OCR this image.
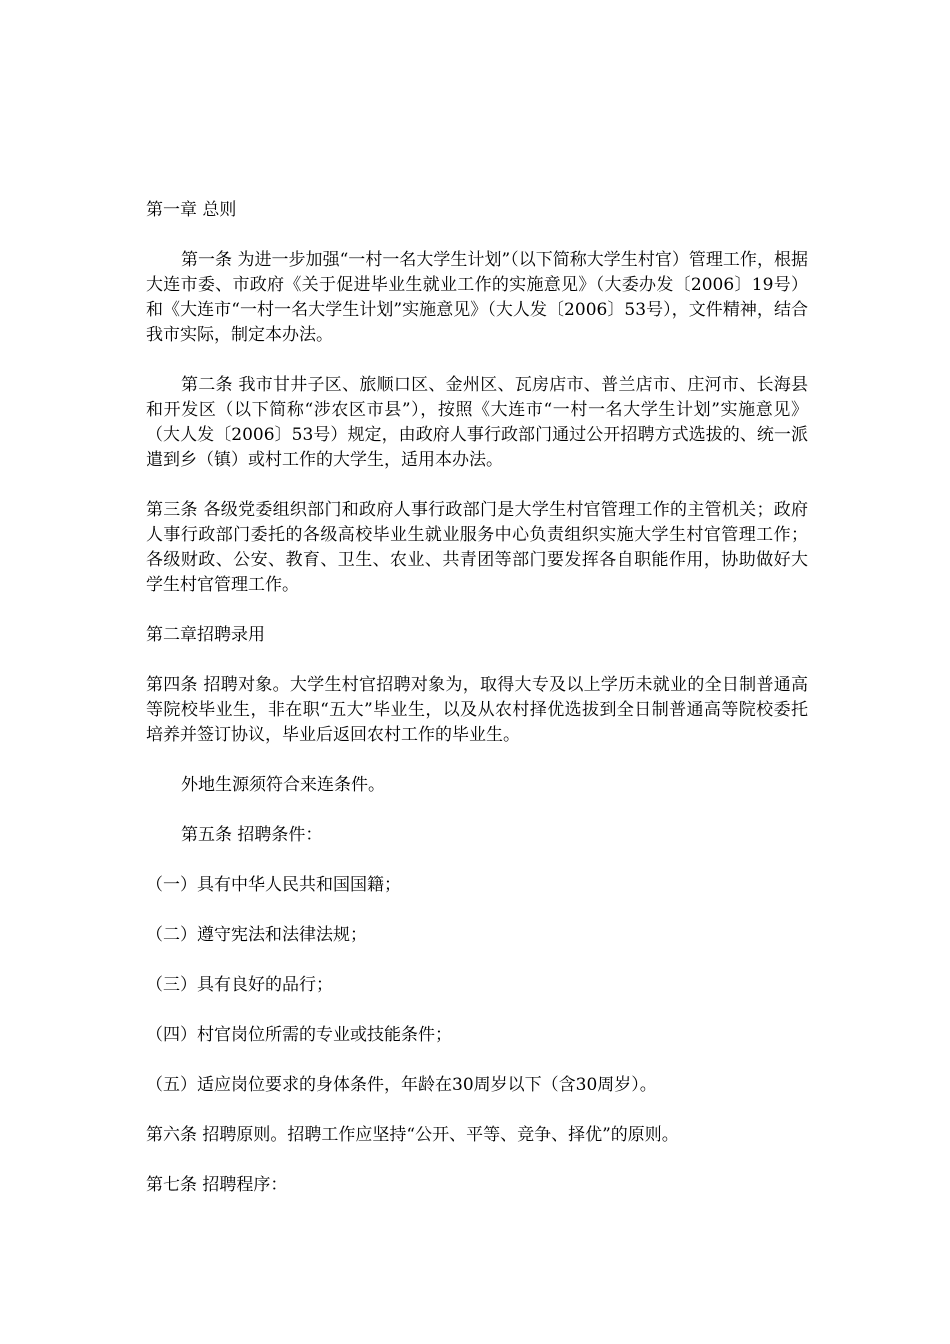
第一章 总则

第一条 为进一步加强“一村一名大学生计划”（以下简称大学生村官）管理工作，根据大连市委、市政府《关于促进毕业生就业工作的实施意见》（大委办发〔2006〕19号）和《大连市“一村一名大学生计划”实施意见》（大人发〔2006〕53号），文件精神，结合我市实际，制定本办法。

第二条 我市甘井子区、旅顺口区、金州区、瓦房店市、普兰店市、庄河市、长海县和开发区（以下简称“涉农区市县”），按照《大连市“一村一名大学生计划”实施意见》（大人发〔2006〕53号）规定，由政府人事行政部门通过公开招聘方式选拔的、统一派遣到乡（镇）或村工作的大学生，适用本办法。

第三条 各级党委组织部门和政府人事行政部门是大学生村官管理工作的主管机关；政府人事行政部门委托的各级高校毕业生就业服务中心负责组织实施大学生村官管理工作；各级财政、公安、教育、卫生、农业、共青团等部门要发挥各自职能作用，协助做好大学生村官管理工作。

第二章招聘录用

第四条 招聘对象。大学生村官招聘对象为，取得大专及以上学历未就业的全日制普通高等院校毕业生，非在职“五大”毕业生，以及从农村择优选拔到全日制普通高等院校委托培养并签订协议，毕业后返回农村工作的毕业生。

外地生源须符合来连条件。

第五条 招聘条件：

（一）具有中华人民共和国国籍；

（二）遵守宪法和法律法规；

（三）具有良好的品行；

（四）村官岗位所需的专业或技能条件；

（五）适应岗位要求的身体条件，年龄在30周岁以下（含30周岁）。

第六条 招聘原则。招聘工作应坚持“公开、平等、竞争、择优”的原则。

第七条 招聘程序：
